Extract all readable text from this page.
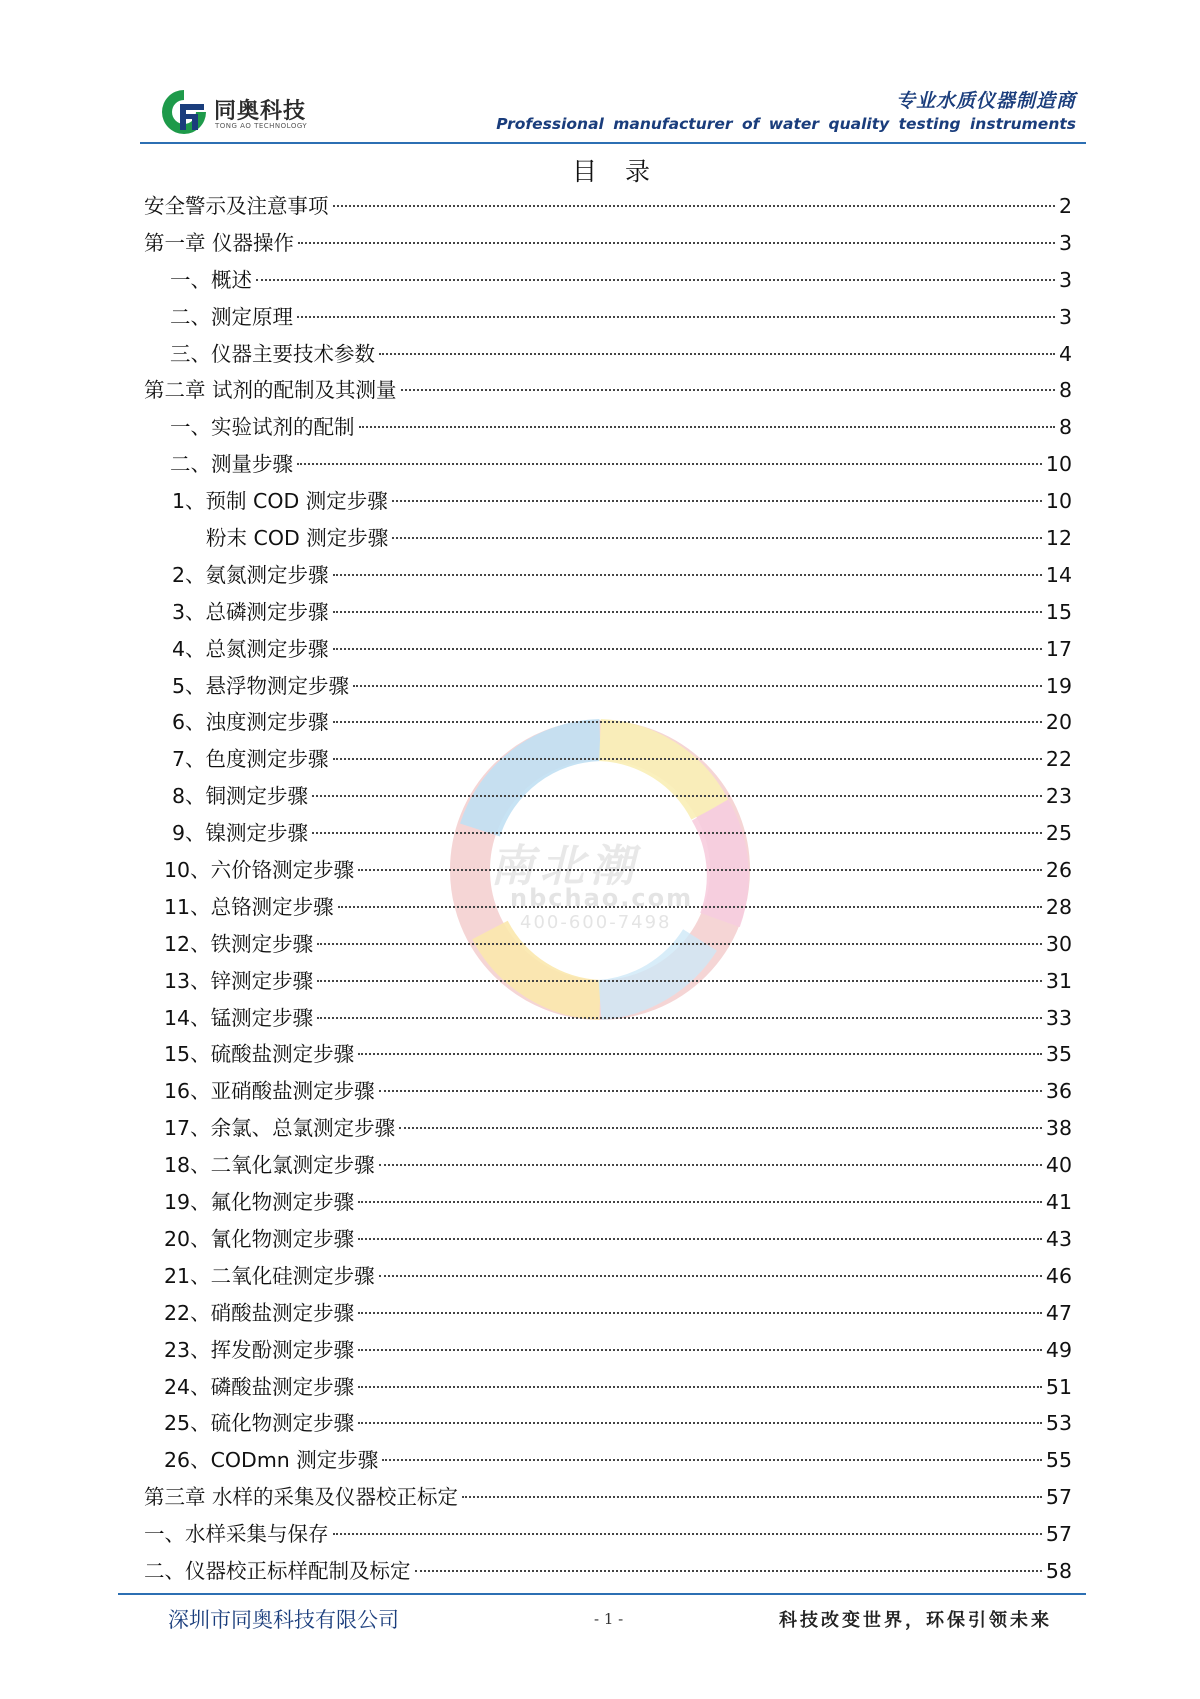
同奥科技
TONG AO TECHNOLOGY
专业水质仪器制造商
Professional manufacturer of water quality testing instruments
南北潮
nbchao.com
400-600-7498
目 录
安全警示及注意事项	2
第一章 仪器操作	3
一、概述	3
二、测定原理	3
三、仪器主要技术参数	4
第二章 试剂的配制及其测量	8
一、实验试剂的配制	8
二、测量步骤	10
1、预制 COD 测定步骤	10
粉末 COD 测定步骤	12
2、氨氮测定步骤	14
3、总磷测定步骤	15
4、总氮测定步骤	17
5、悬浮物测定步骤	19
6、浊度测定步骤	20
7、色度测定步骤	22
8、铜测定步骤	23
9、镍测定步骤	25
10、六价铬测定步骤	26
11、总铬测定步骤	28
12、铁测定步骤	30
13、锌测定步骤	31
14、锰测定步骤	33
15、硫酸盐测定步骤	35
16、亚硝酸盐测定步骤	36
17、余氯、总氯测定步骤	38
18、二氧化氯测定步骤	40
19、氟化物测定步骤	41
20、氰化物测定步骤	43
21、二氧化硅测定步骤	46
22、硝酸盐测定步骤	47
23、挥发酚测定步骤	49
24、磷酸盐测定步骤	51
25、硫化物测定步骤	53
26、CODmn 测定步骤	55
第三章 水样的采集及仪器校正标定	57
一、水样采集与保存	57
二、仪器校正标样配制及标定	58
深圳市同奥科技有限公司	- 1 -	科技改变世界，环保引领未来
